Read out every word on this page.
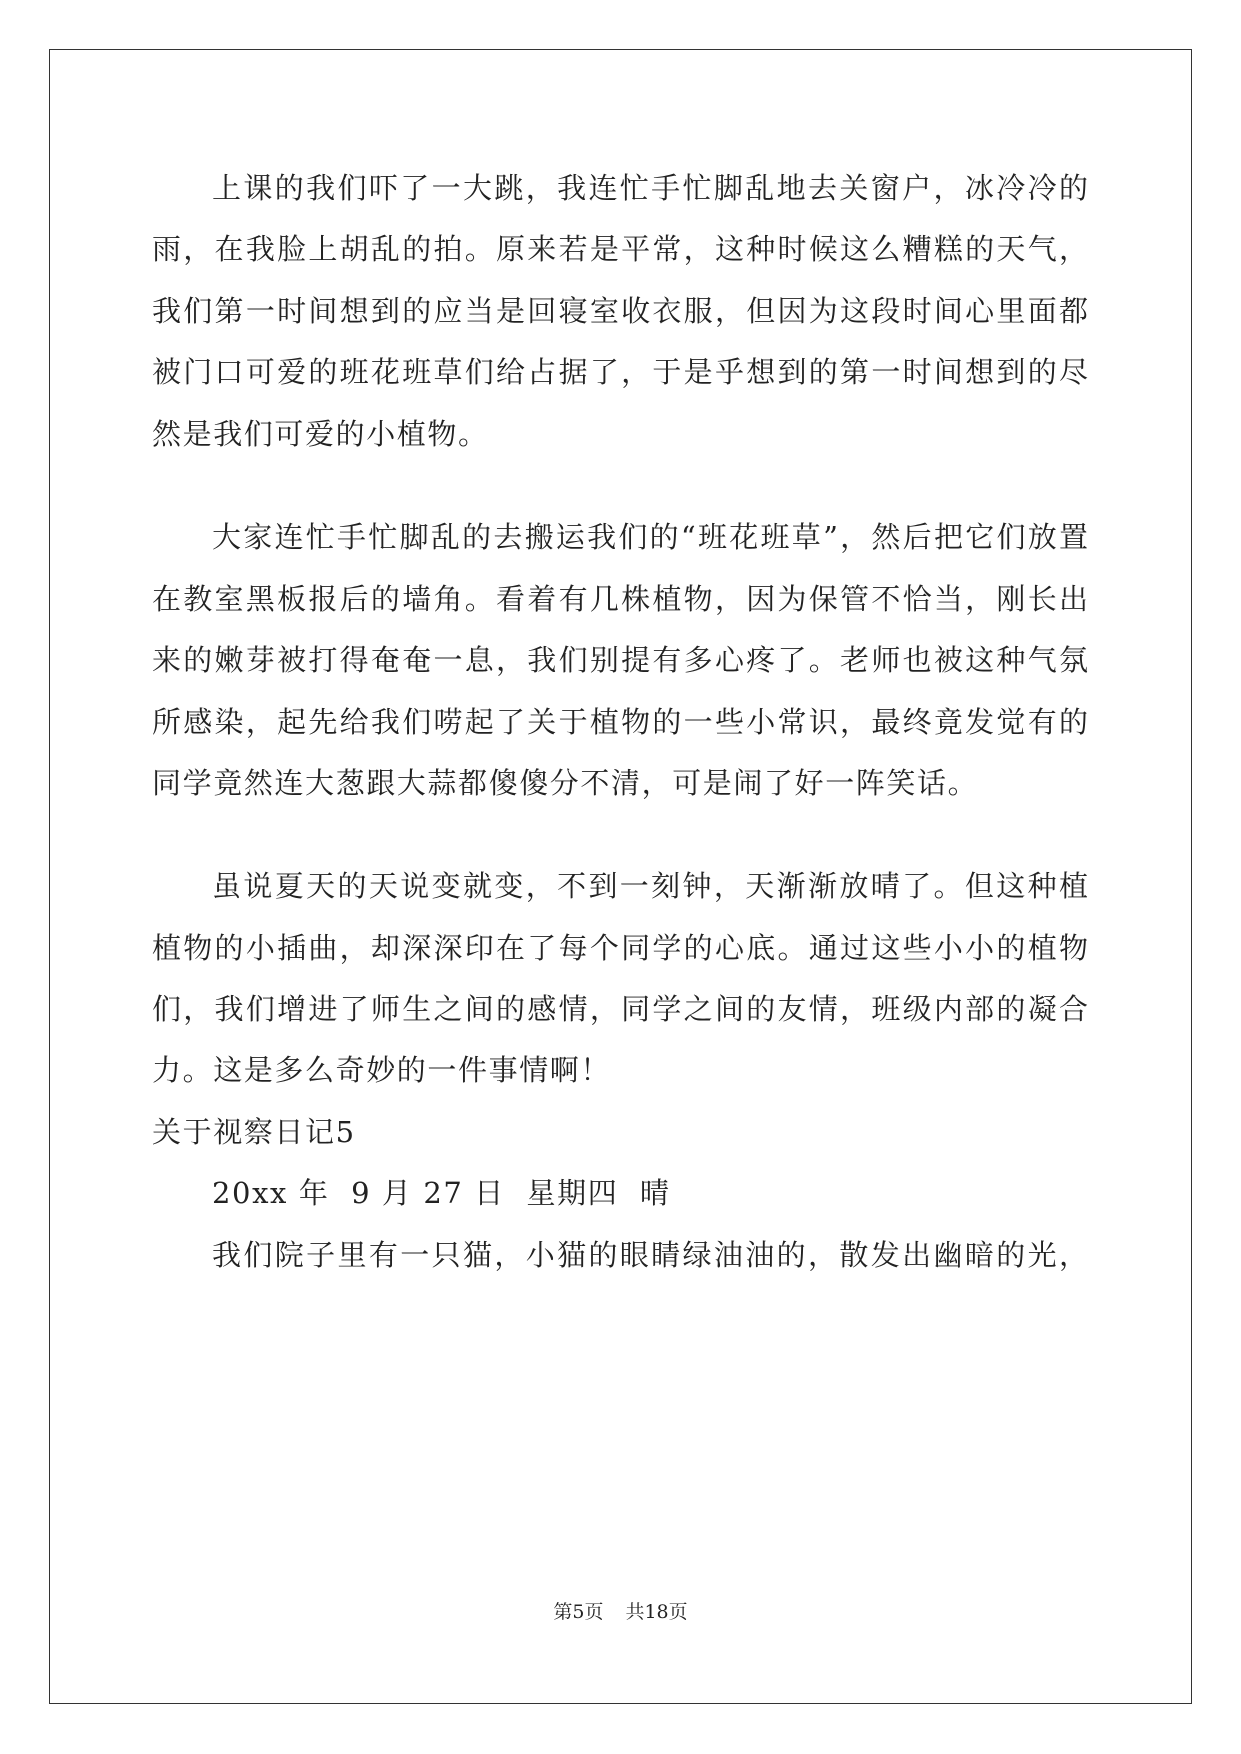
上课的我们吓了一大跳，我连忙手忙脚乱地去关窗户，冰冷冷的
雨，在我脸上胡乱的拍。原来若是平常，这种时候这么糟糕的天气，
我们第一时间想到的应当是回寝室收衣服，但因为这段时间心里面都
被门口可爱的班花班草们给占据了，于是乎想到的第一时间想到的尽
然是我们可爱的小植物。
大家连忙手忙脚乱的去搬运我们的“班花班草”，然后把它们放置
在教室黑板报后的墙角。看着有几株植物，因为保管不恰当，刚长出
来的嫩芽被打得奄奄一息，我们别提有多心疼了。老师也被这种气氛
所感染，起先给我们唠起了关于植物的一些小常识，最终竟发觉有的
同学竟然连大葱跟大蒜都傻傻分不清，可是闹了好一阵笑话。
虽说夏天的天说变就变，不到一刻钟，天渐渐放晴了。但这种植
植物的小插曲，却深深印在了每个同学的心底。通过这些小小的植物
们，我们增进了师生之间的感情，同学之间的友情，班级内部的凝合
力。这是多么奇妙的一件事情啊！
关于视察日记5
20xx 年  9 月 27 日  星期四  晴
我们院子里有一只猫，小猫的眼睛绿油油的，散发出幽暗的光，
第5页 共18页
